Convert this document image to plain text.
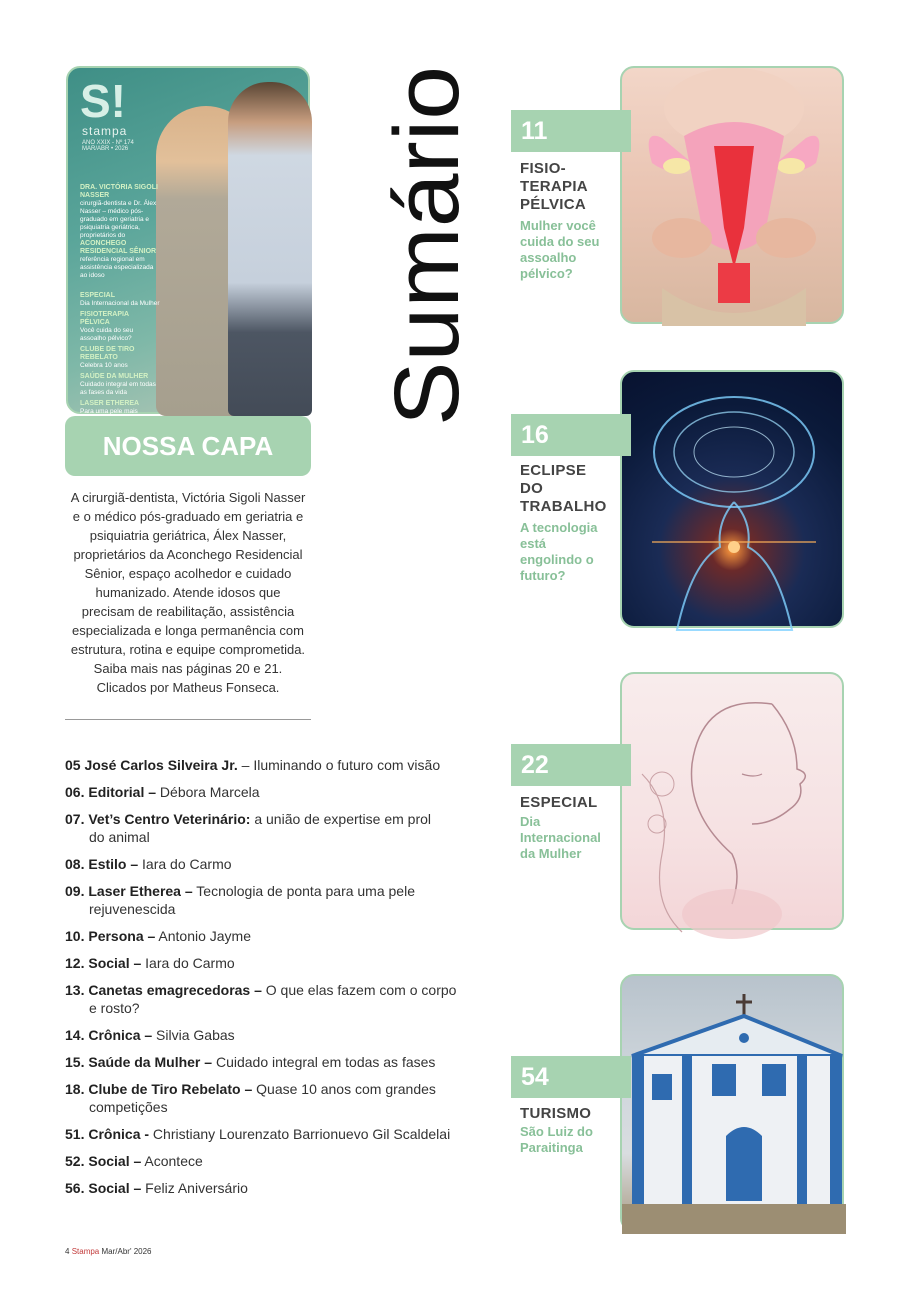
S!
stampa
ANO XXIX - Nº 174
MAR/ABR • 2026
DRA. VICTÓRIA SIGOLI NASSER
cirurgiã-dentista e Dr. Álex Nasser – médico pós-graduado em geriatria e psiquiatria geriátrica, proprietários do
ACONCHEGO RESIDENCIAL SÊNIOR
referência regional em assistência especializada ao idoso
ESPECIAL
Dia Internacional da Mulher
FISIOTERAPIA PÉLVICA
Você cuida do seu assoalho pélvico?
CLUBE DE TIRO REBELATO
Celebra 10 anos
SAÚDE DA MULHER
Cuidado integral em todas as fases da vida
LASER ETHEREA
Para uma pele mais
NOSSA CAPA
A cirurgiã-dentista, Victória Sigoli Nasser e o médico pós-graduado em geriatria e psiquiatria geriátrica, Álex Nasser, proprietários da Aconchego Residencial Sênior, espaço acolhedor e cuidado humanizado. Atende idosos que precisam de reabilitação, assistência especializada e longa permanência com estrutura, rotina e equipe comprometida. Saiba mais nas páginas 20 e 21. Clicados por Matheus Fonseca.
Sumário
05 José Carlos Silveira Jr. – Iluminando o futuro com visão
06. Editorial – Débora Marcela
07. Vet’s Centro Veterinário: a união de expertise em prol
do animal
08. Estilo – Iara do Carmo
09. Laser Etherea – Tecnologia de ponta para uma pele
rejuvenescida
10. Persona – Antonio Jayme
12. Social – Iara do Carmo
13. Canetas emagrecedoras – O que elas fazem com o corpo
e rosto?
14. Crônica – Silvia Gabas
15. Saúde da Mulher – Cuidado integral em todas as fases
18. Clube de Tiro Rebelato – Quase 10 anos com grandes
competições
51. Crônica - Christiany Lourenzato Barrionuevo Gil Scaldelai
52. Social – Acontece
56. Social – Feliz Aniversário
11
FISIO-
TERAPIA
PÉLVICA
Mulher você
cuida do seu
assoalho
pélvico?
16
ECLIPSE
DO
TRABALHO
A tecnologia
está
engolindo o
futuro?
22
ESPECIAL
Dia
Internacional
da Mulher
54
TURISMO
São Luiz do
Paraitinga
4 Stampa Mar/Abr' 2026
